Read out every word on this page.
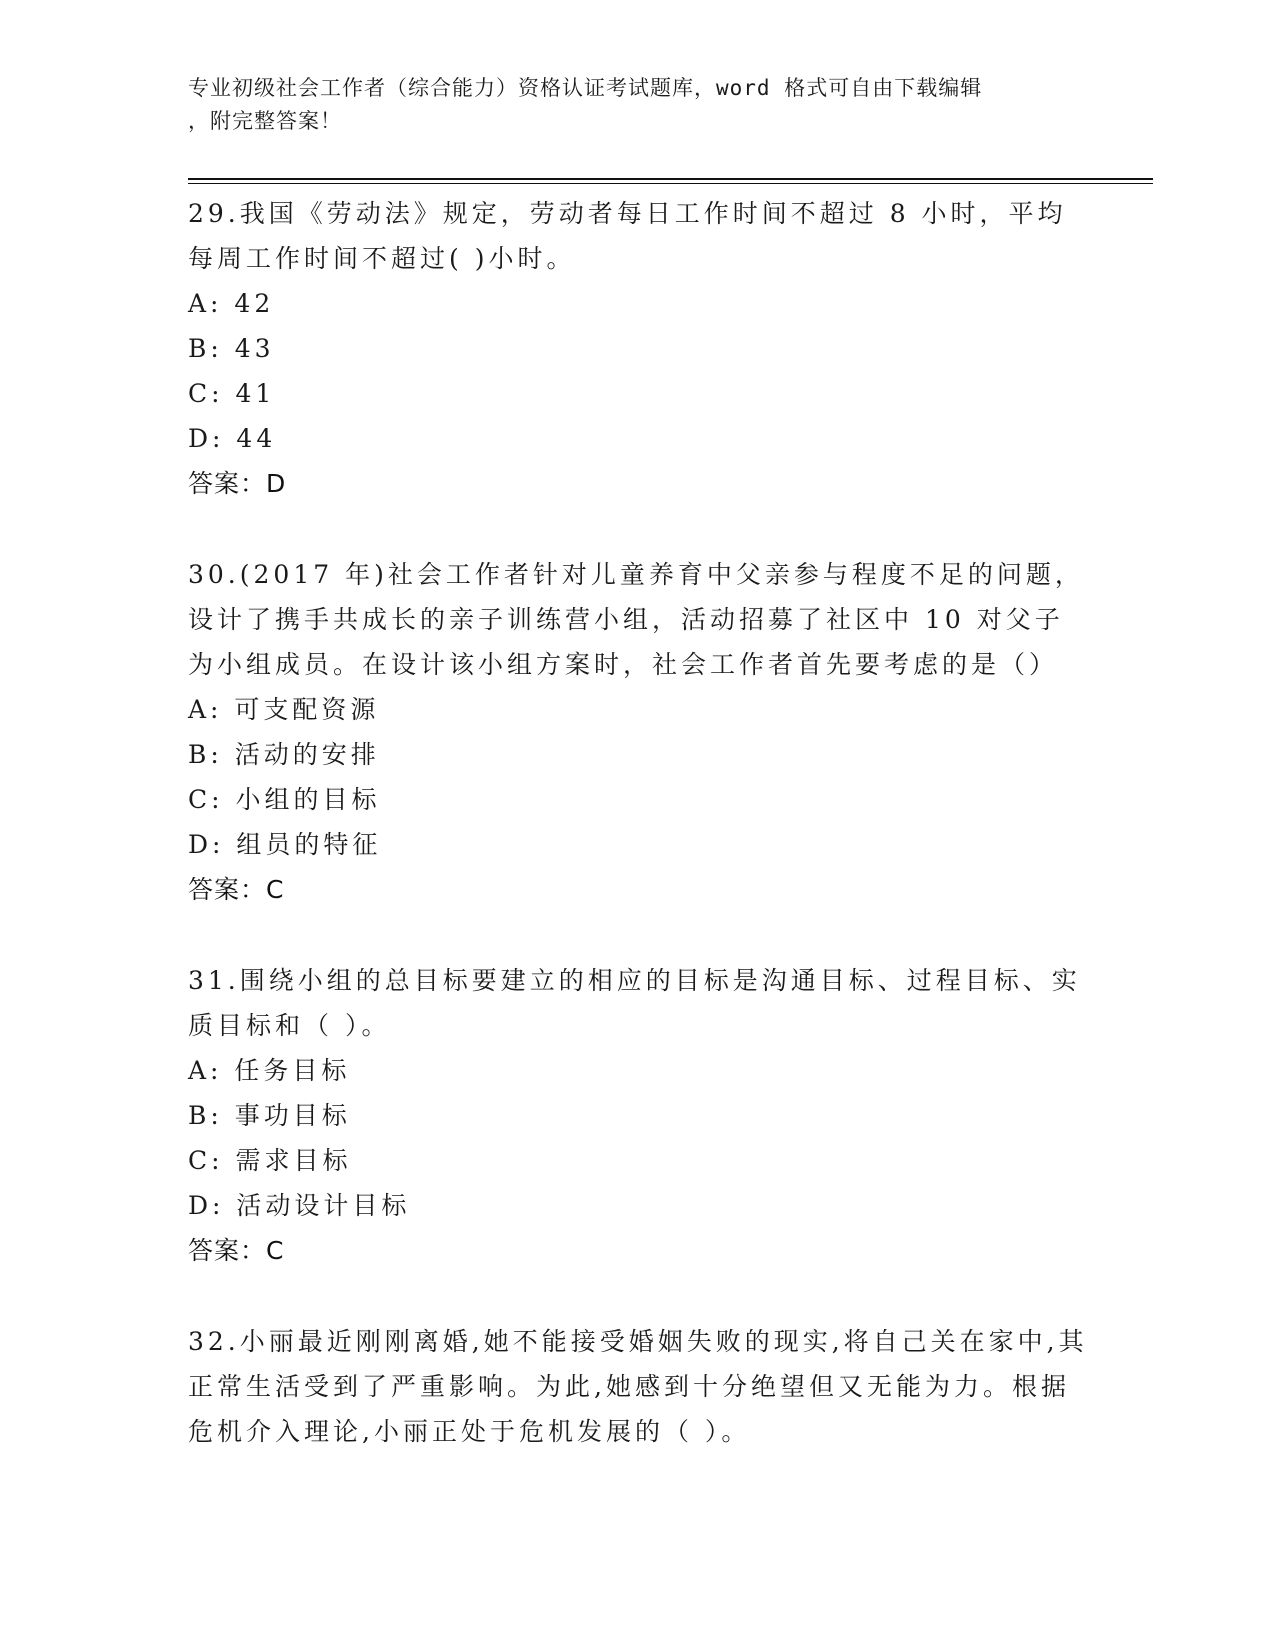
专业初级社会工作者（综合能力）资格认证考试题库，word 格式可自由下载编辑
，附完整答案！

29.我国《劳动法》规定，劳动者每日工作时间不超过 8 小时，平均每周工作时间不超过( )小时。

A: 42

B: 43

C: 41

D: 44

答案：D

30.(2017 年)社会工作者针对儿童养育中父亲参与程度不足的问题，设计了携手共成长的亲子训练营小组，活动招募了社区中 10 对父子为小组成员。在设计该小组方案时，社会工作者首先要考虑的是（）

A: 可支配资源

B: 活动的安排

C: 小组的目标

D: 组员的特征

答案：C

31.围绕小组的总目标要建立的相应的目标是沟通目标、过程目标、实质目标和（ ）。

A: 任务目标

B: 事功目标

C: 需求目标

D: 活动设计目标

答案：C

32.小丽最近刚刚离婚,她不能接受婚姻失败的现实,将自己关在家中,其正常生活受到了严重影响。为此,她感到十分绝望但又无能为力。根据危机介入理论,小丽正处于危机发展的（ ）。
